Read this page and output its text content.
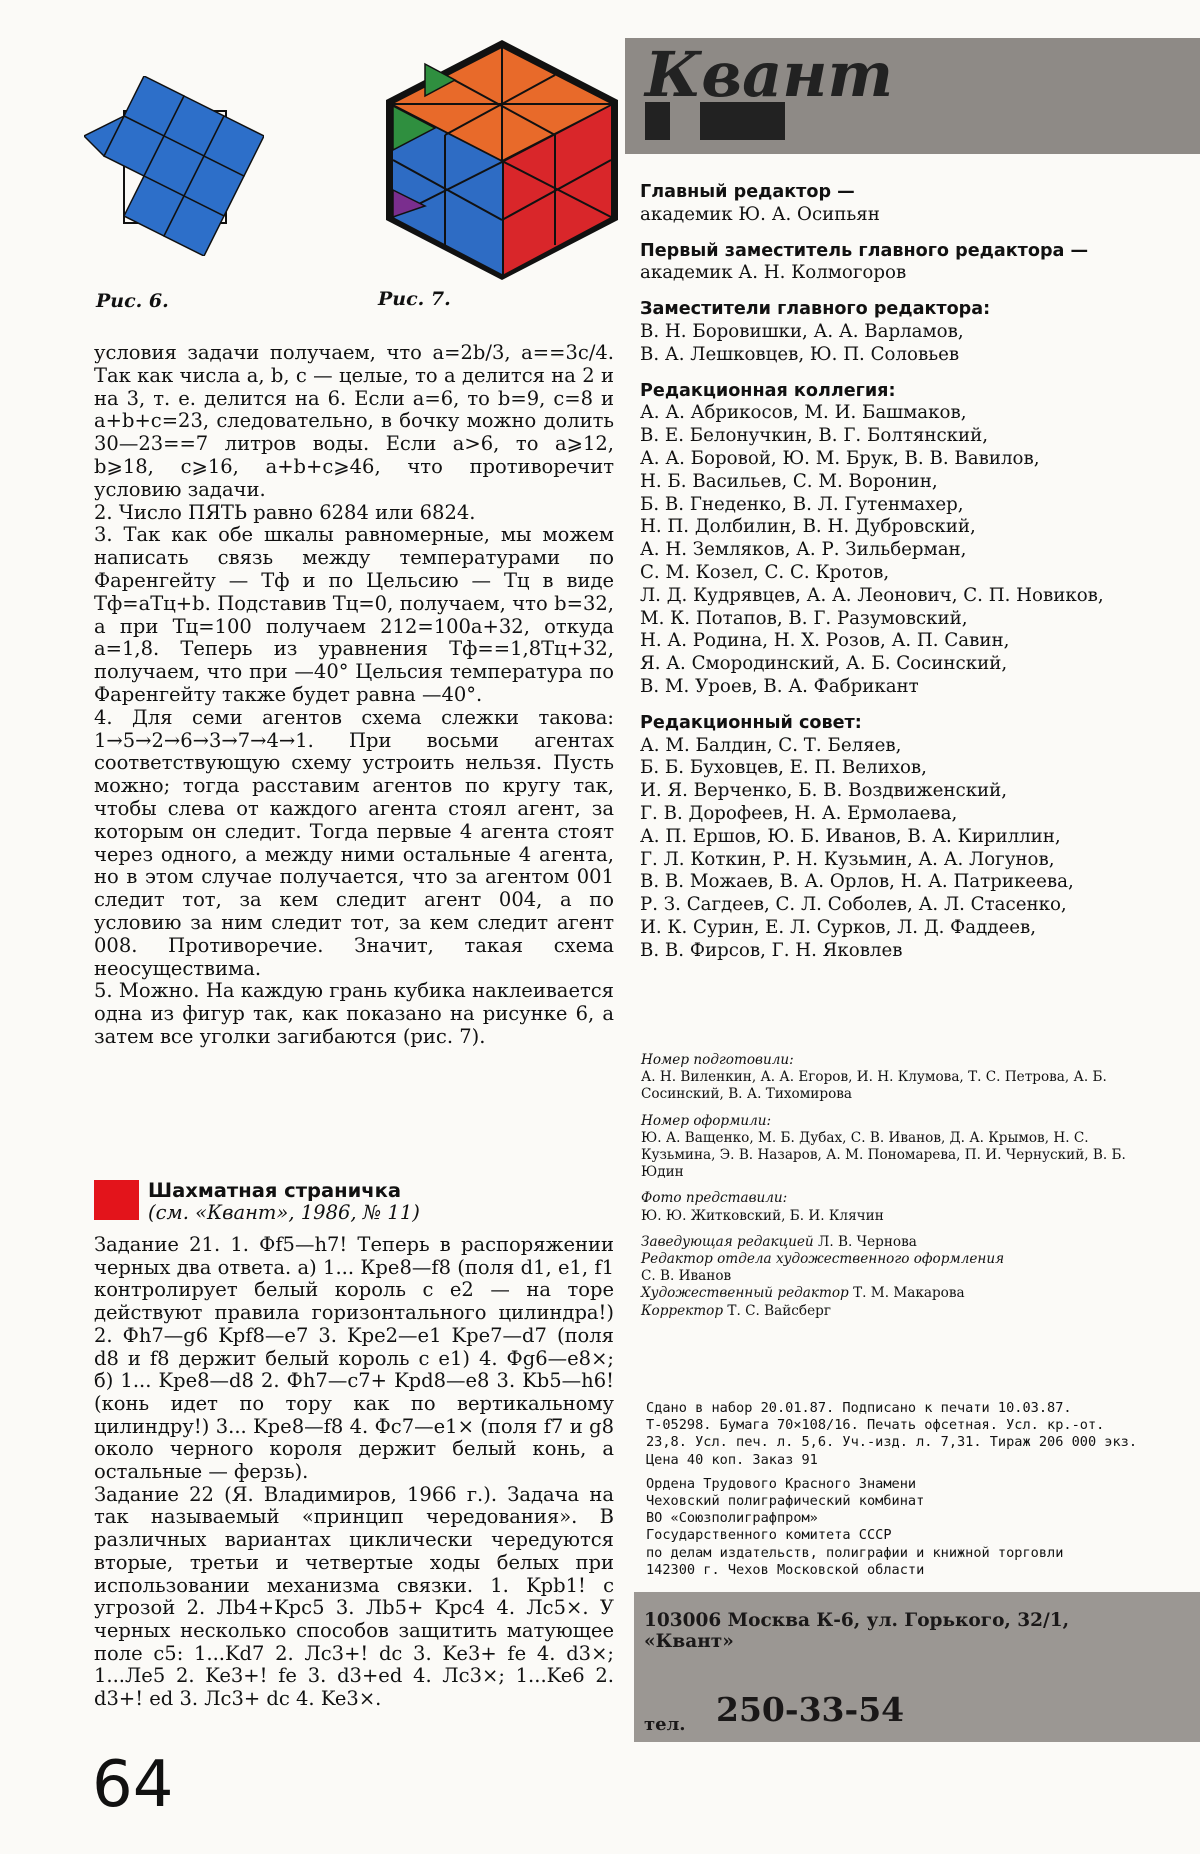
Рис. 6.	Рис. 7.

условия задачи получаем, что a=2b/3, a==3c/4. Так как числа a, b, c — целые, то a делится на 2 и на 3, т. е. делится на 6. Если a=6, то b=9, c=8 и a+b+c=23, следовательно, в бочку можно долить 30—23==7 литров воды. Если a>6, то a⩾12, b⩾18, c⩾16, a+b+c⩾46, что противоречит условию задачи.

2. Число ПЯТЬ равно 6284 или 6824.

3. Так как обе шкалы равномерные, мы можем написать связь между температурами по Фаренгейту — Tф и по Цельсию — Tц в виде Tф=aTц+b. Подставив Tц=0, получаем, что b=32, а при Tц=100 получаем 212=100a+32, откуда a=1,8. Теперь из уравнения Tф==1,8Tц+32, получаем, что при —40° Цельсия температура по Фаренгейту также будет равна —40°.

4. Для семи агентов схема слежки такова: 1→5→2→6→3→7→4→1. При восьми агентах соответствующую схему устроить нельзя. Пусть можно; тогда расставим агентов по кругу так, чтобы слева от каждого агента стоял агент, за которым он следит. Тогда первые 4 агента стоят через одного, а между ними остальные 4 агента, но в этом случае получается, что за агентом 001 следит тот, за кем следит агент 004, а по условию за ним следит тот, за кем следит агент 008. Противоречие. Значит, такая схема неосуществима.

5. Можно. На каждую грань кубика наклеивается одна из фигур так, как показано на рисунке 6, а затем все уголки загибаются (рис. 7).

Шахматная страничка
(см. «Квант», 1986, № 11)

Задание 21. 1. Фf5—h7! Теперь в распоряжении черных два ответа. а) 1... Крe8—f8 (поля d1, e1, f1 контролирует белый король с e2 — на торе действуют правила горизонтального цилиндра!) 2. Фh7—g6 Kpf8—e7 3. Kpe2—e1 Kpe7—d7 (поля d8 и f8 держит белый король с e1) 4. Фg6—e8×; б) 1... Kpe8—d8 2. Фh7—c7+ Kpd8—e8 3. Kb5—h6! (конь идет по тору как по вертикальному цилиндру!) 3... Kpe8—f8 4. Фc7—e1× (поля f7 и g8 около черного короля держит белый конь, а остальные — ферзь).

Задание 22 (Я. Владимиров, 1966 г.). Задача на так называемый «принцип чередования». В различных вариантах циклически чередуются вторые, третьи и четвертые ходы белых при использовании механизма связки. 1. Kpb1! с угрозой 2. Лb4+Kpc5 3. Лb5+ Kpc4 4. Лc5×. У черных несколько способов защитить матующее поле c5: 1...Kd7 2. Лc3+! dc 3. Ke3+ fe 4. d3×; 1...Лe5 2. Ke3+! fe 3. d3+ed 4. Лc3×; 1...Ke6 2. d3+! ed 3. Лc3+ dc 4. Ke3×.

Квант
Главный редактор —
академик Ю. А. Осипьян
Первый заместитель главного редактора —
академик А. Н. Колмогоров
Заместители главного редактора:
В. Н. Боровишки, А. А. Варламов,
В. А. Лешковцев, Ю. П. Соловьев
Редакционная коллегия:
А. А. Абрикосов, М. И. Башмаков,
В. Е. Белонучкин, В. Г. Болтянский,
А. А. Боровой, Ю. М. Брук, В. В. Вавилов,
Н. Б. Васильев, С. М. Воронин,
Б. В. Гнеденко, В. Л. Гутенмахер,
Н. П. Долбилин, В. Н. Дубровский,
А. Н. Земляков, А. Р. Зильберман,
С. М. Козел, С. С. Кротов,
Л. Д. Кудрявцев, А. А. Леонович, С. П. Новиков,
М. К. Потапов, В. Г. Разумовский,
Н. А. Родина, Н. Х. Розов, А. П. Савин,
Я. А. Смородинский, А. Б. Сосинский,
В. М. Уроев, В. А. Фабрикант
Редакционный совет:
А. М. Балдин, С. Т. Беляев,
Б. Б. Буховцев, Е. П. Велихов,
И. Я. Верченко, Б. В. Воздвиженский,
Г. В. Дорофеев, Н. А. Ермолаева,
А. П. Ершов, Ю. Б. Иванов, В. А. Кириллин,
Г. Л. Коткин, Р. Н. Кузьмин, А. А. Логунов,
В. В. Можаев, В. А. Орлов, Н. А. Патрикеева,
Р. З. Сагдеев, С. Л. Соболев, А. Л. Стасенко,
И. К. Сурин, Е. Л. Сурков, Л. Д. Фаддеев,
В. В. Фирсов, Г. Н. Яковлев
Номер подготовили:
А. Н. Виленкин, А. А. Егоров, И. Н. Клумова, Т. С. Петрова, А. Б. Сосинский, В. А. Тихомирова
Номер оформили:
Ю. А. Ващенко, М. Б. Дубах, С. В. Иванов, Д. А. Крымов, Н. С. Кузьмина, Э. В. Назаров, А. М. Пономарева, П. И. Чернуский, В. Б. Юдин
Фото представили:
Ю. Ю. Житковский, Б. И. Клячин
Заведующая редакцией Л. В. Чернова
Редактор отдела художественного оформления
С. В. Иванов
Художественный редактор Т. М. Макарова
Корректор Т. С. Вайсберг
Сдано в набор 20.01.87. Подписано к печати 10.03.87.
Т-05298. Бумага 70×108/16. Печать офсетная. Усл. кр.-от.
23,8. Усл. печ. л. 5,6. Уч.-изд. л. 7,31. Тираж 206 000 экз.
Цена 40 коп. Заказ 91
Ордена Трудового Красного Знамени
Чеховский полиграфический комбинат
ВО «Союзполиграфпром»
Государственного комитета СССР
по делам издательств, полиграфии и книжной торговли
142300 г. Чехов Московской области
103006 Москва К-6, ул. Горького, 32/1,
«Квант»
тел. 250-33-54
64
